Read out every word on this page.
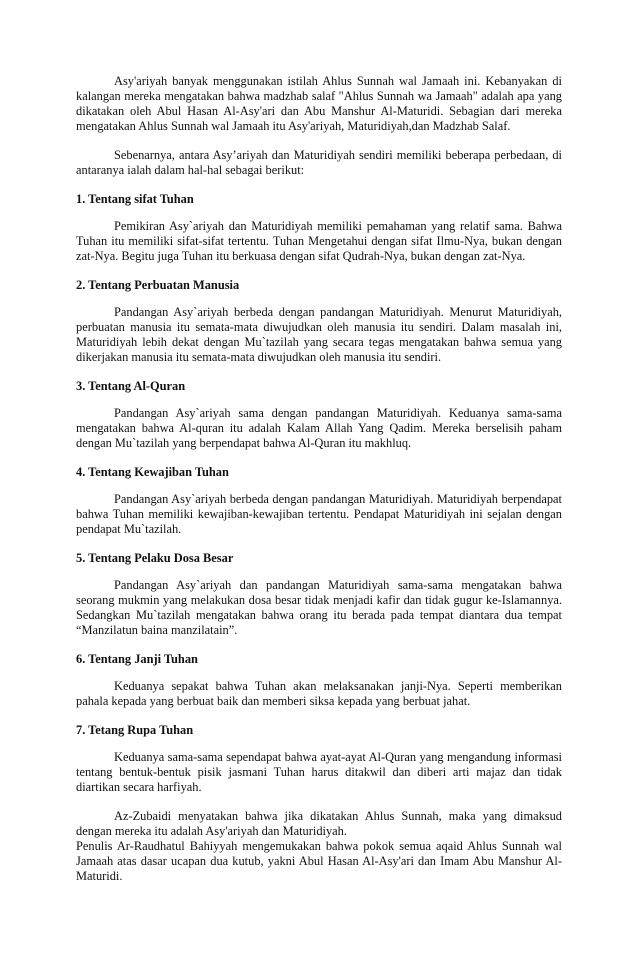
Asy'ariyah banyak menggunakan istilah Ahlus Sunnah wal Jamaah ini. Kebanyakan di kalangan mereka mengatakan bahwa madzhab salaf "Ahlus Sunnah wa Jamaah" adalah apa yang dikatakan oleh Abul Hasan Al-Asy'ari dan Abu Manshur Al-Maturidi. Sebagian dari mereka mengatakan Ahlus Sunnah wal Jamaah itu Asy'ariyah, Maturidiyah,dan Madzhab Salaf.

Sebenarnya, antara Asy’ariyah dan Maturidiyah sendiri memiliki beberapa perbedaan, di antaranya ialah dalam hal-hal sebagai berikut:

1. Tentang sifat Tuhan

Pemikiran Asy`ariyah dan Maturidiyah memiliki pemahaman yang relatif sama. Bahwa Tuhan itu memiliki sifat-sifat tertentu. Tuhan Mengetahui dengan sifat Ilmu-Nya, bukan dengan zat-Nya. Begitu juga Tuhan itu berkuasa dengan sifat Qudrah-Nya, bukan dengan zat-Nya.

2. Tentang Perbuatan Manusia

Pandangan Asy`ariyah berbeda dengan pandangan Maturidiyah. Menurut Maturidiyah, perbuatan manusia itu semata-mata diwujudkan oleh manusia itu sendiri. Dalam masalah ini, Maturidiyah lebih dekat dengan Mu`tazilah yang secara tegas mengatakan bahwa semua yang dikerjakan manusia itu semata-mata diwujudkan oleh manusia itu sendiri.

3. Tentang Al-Quran

Pandangan Asy`ariyah sama dengan pandangan Maturidiyah. Keduanya sama-sama mengatakan bahwa Al-quran itu adalah Kalam Allah Yang Qadim. Mereka berselisih paham dengan Mu`tazilah yang berpendapat bahwa Al-Quran itu makhluq.

4. Tentang Kewajiban Tuhan

Pandangan Asy`ariyah berbeda dengan pandangan Maturidiyah. Maturidiyah berpendapat bahwa Tuhan memiliki kewajiban-kewajiban tertentu. Pendapat Maturidiyah ini sejalan dengan pendapat Mu`tazilah.

5. Tentang Pelaku Dosa Besar

Pandangan Asy`ariyah dan pandangan Maturidiyah sama-sama mengatakan bahwa seorang mukmin yang melakukan dosa besar tidak menjadi kafir dan tidak gugur ke-Islamannya. Sedangkan Mu`tazilah mengatakan bahwa orang itu berada pada tempat diantara dua tempat “Manzilatun baina manzilatain”.

6. Tentang Janji Tuhan

Keduanya sepakat bahwa Tuhan akan melaksanakan janji-Nya. Seperti memberikan pahala kepada yang berbuat baik dan memberi siksa kepada yang berbuat jahat.

7. Tetang Rupa Tuhan

Keduanya sama-sama sependapat bahwa ayat-ayat Al-Quran yang mengandung informasi tentang bentuk-bentuk pisik jasmani Tuhan harus ditakwil dan diberi arti majaz dan tidak diartikan secara harfiyah.

Az-Zubaidi menyatakan bahwa jika dikatakan Ahlus Sunnah, maka yang dimaksud dengan mereka itu adalah Asy'ariyah dan Maturidiyah.

Penulis Ar-Raudhatul Bahiyyah mengemukakan bahwa pokok semua aqaid Ahlus Sunnah wal Jamaah atas dasar ucapan dua kutub, yakni Abul Hasan Al-Asy'ari dan Imam Abu Manshur Al-Maturidi.
